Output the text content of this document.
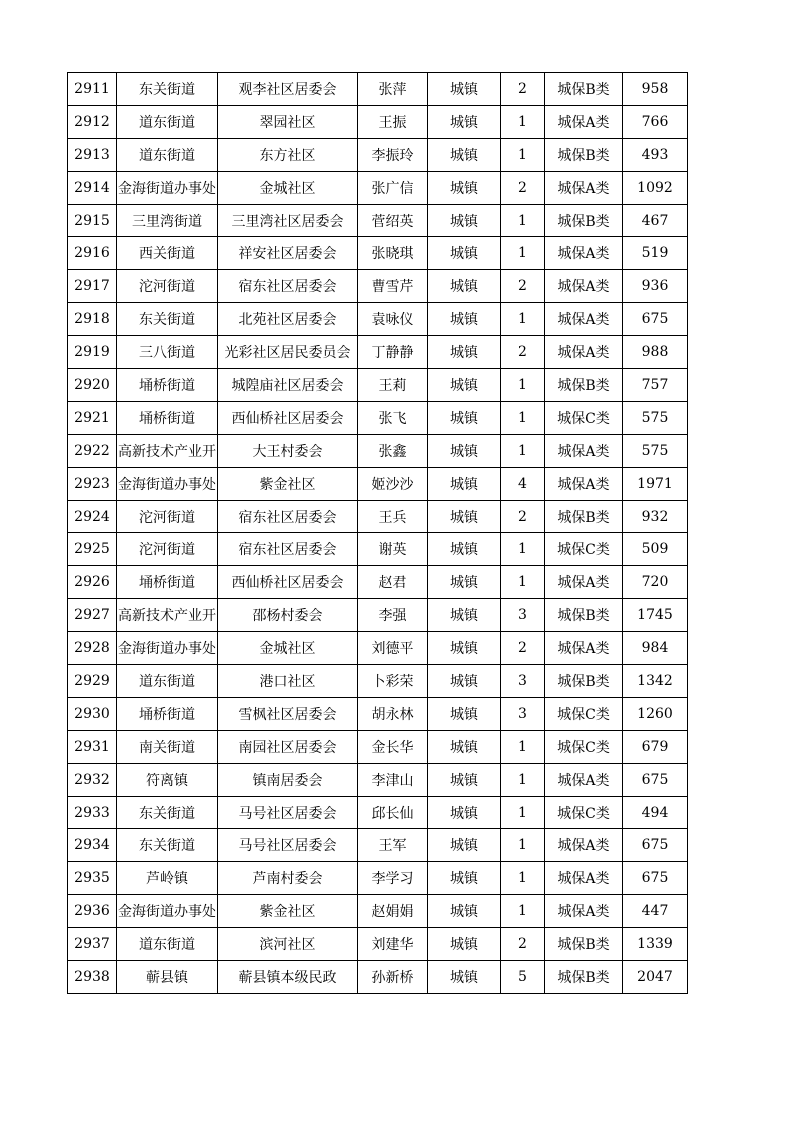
2911	东关街道	观李社区居委会	张萍	城镇	2	城保B类	958
2912	道东街道	翠园社区	王振	城镇	1	城保A类	766
2913	道东街道	东方社区	李振玲	城镇	1	城保B类	493
2914	金海街道办事处	金城社区	张广信	城镇	2	城保A类	1092
2915	三里湾街道	三里湾社区居委会	菅绍英	城镇	1	城保B类	467
2916	西关街道	祥安社区居委会	张晓琪	城镇	1	城保A类	519
2917	沱河街道	宿东社区居委会	曹雪芹	城镇	2	城保A类	936
2918	东关街道	北苑社区居委会	袁咏仪	城镇	1	城保A类	675
2919	三八街道	光彩社区居民委员会	丁静静	城镇	2	城保A类	988
2920	埇桥街道	城隍庙社区居委会	王莉	城镇	1	城保B类	757
2921	埇桥街道	西仙桥社区居委会	张飞	城镇	1	城保C类	575
2922	高新技术产业开	大王村委会	张鑫	城镇	1	城保A类	575
2923	金海街道办事处	紫金社区	姬沙沙	城镇	4	城保A类	1971
2924	沱河街道	宿东社区居委会	王兵	城镇	2	城保B类	932
2925	沱河街道	宿东社区居委会	谢英	城镇	1	城保C类	509
2926	埇桥街道	西仙桥社区居委会	赵君	城镇	1	城保A类	720
2927	高新技术产业开	邵杨村委会	李强	城镇	3	城保B类	1745
2928	金海街道办事处	金城社区	刘德平	城镇	2	城保A类	984
2929	道东街道	港口社区	卜彩荣	城镇	3	城保B类	1342
2930	埇桥街道	雪枫社区居委会	胡永林	城镇	3	城保C类	1260
2931	南关街道	南园社区居委会	金长华	城镇	1	城保C类	679
2932	符离镇	镇南居委会	李津山	城镇	1	城保A类	675
2933	东关街道	马号社区居委会	邱长仙	城镇	1	城保C类	494
2934	东关街道	马号社区居委会	王军	城镇	1	城保A类	675
2935	芦岭镇	芦南村委会	李学习	城镇	1	城保A类	675
2936	金海街道办事处	紫金社区	赵娟娟	城镇	1	城保A类	447
2937	道东街道	滨河社区	刘建华	城镇	2	城保B类	1339
2938	蕲县镇	蕲县镇本级民政	孙新桥	城镇	5	城保B类	2047
